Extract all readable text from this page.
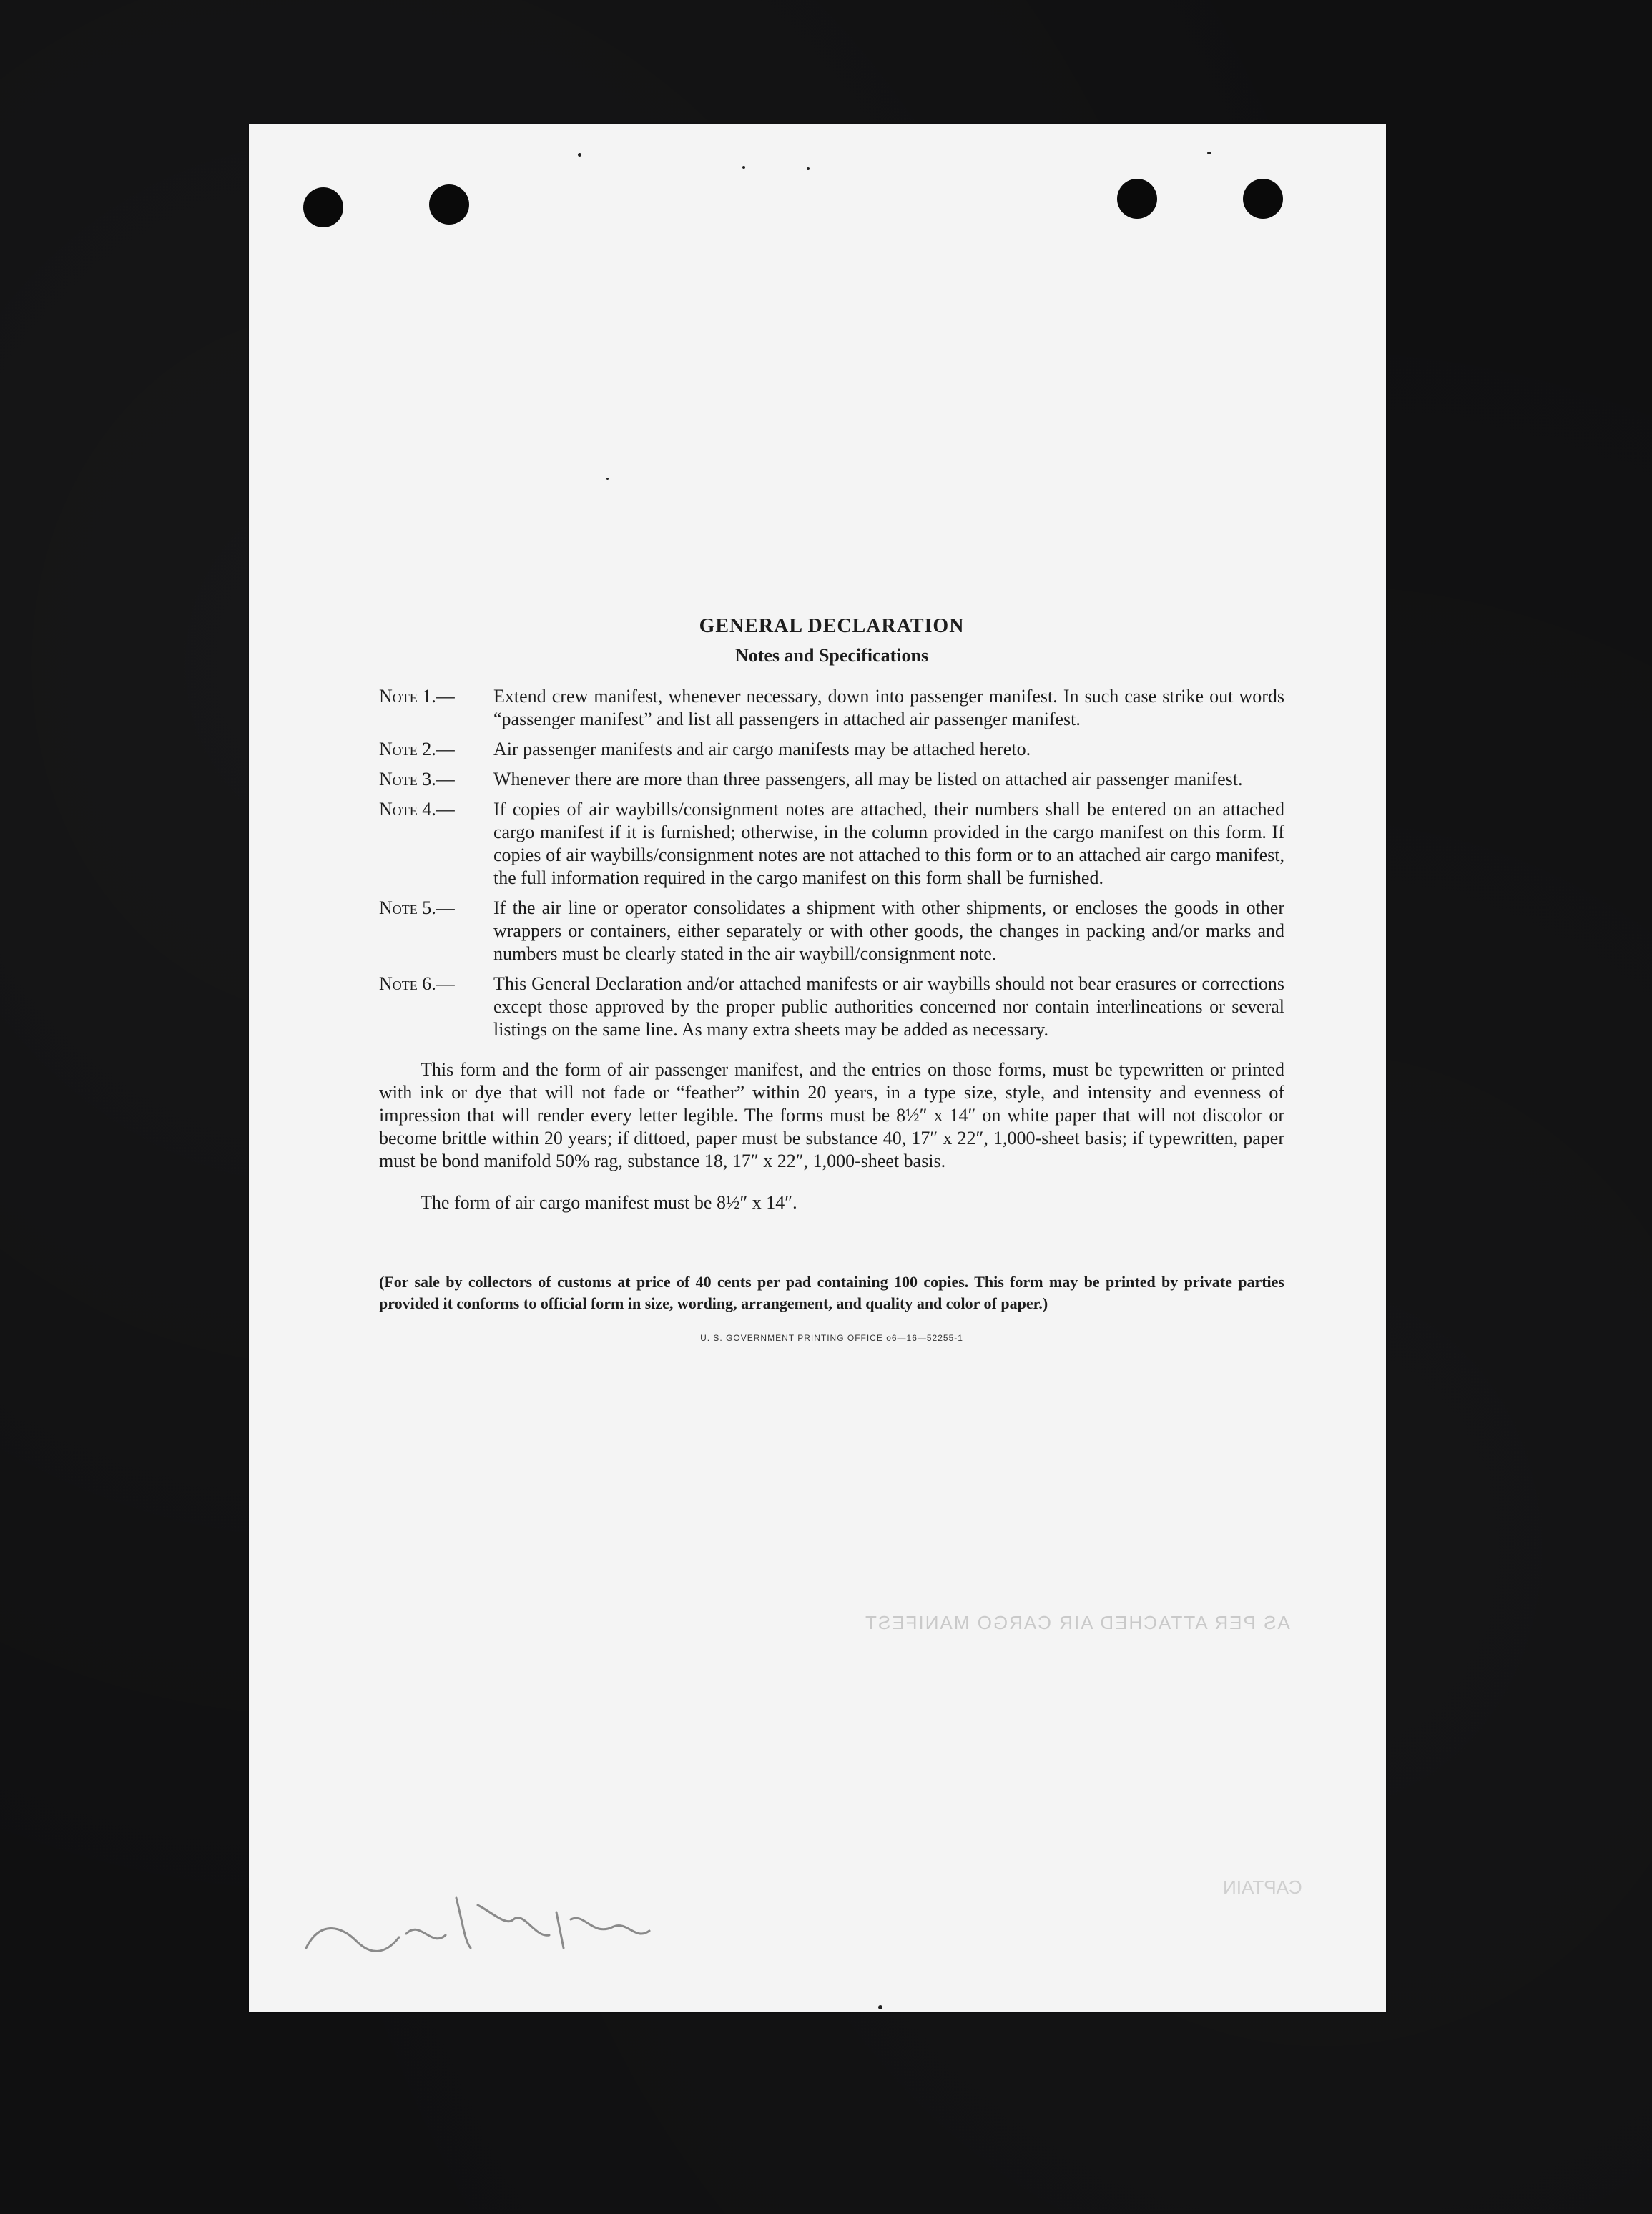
AS PER ATTACHED AIR CARGO MANIFEST
CAPTAIN
GENERAL DECLARATION
Notes and Specifications
Note 1.—	Extend crew manifest, whenever necessary, down into passenger manifest. In such case strike out words “passenger manifest” and list all passengers in attached air passenger manifest.
Note 2.—	Air passenger manifests and air cargo manifests may be attached hereto.
Note 3.—	Whenever there are more than three passengers, all may be listed on attached air passenger manifest.
Note 4.—	If copies of air waybills/consignment notes are attached, their numbers shall be entered on an attached cargo manifest if it is furnished; otherwise, in the column provided in the cargo manifest on this form. If copies of air waybills/consignment notes are not attached to this form or to an attached air cargo manifest, the full information required in the cargo manifest on this form shall be furnished.
Note 5.—	If the air line or operator consolidates a shipment with other shipments, or encloses the goods in other wrappers or containers, either separately or with other goods, the changes in packing and/or marks and numbers must be clearly stated in the air waybill/consignment note.
Note 6.—	This General Declaration and/or attached manifests or air waybills should not bear erasures or corrections except those approved by the proper public authorities concerned nor contain interlineations or several listings on the same line. As many extra sheets may be added as necessary.

This form and the form of air passenger manifest, and the entries on those forms, must be typewritten or printed with ink or dye that will not fade or “feather” within 20 years, in a type size, style, and intensity and evenness of impression that will render every letter legible. The forms must be 8½″ x 14″ on white paper that will not discolor or become brittle within 20 years; if dittoed, paper must be substance 40, 17″ x 22″, 1,000-sheet basis; if typewritten, paper must be bond manifold 50% rag, substance 18, 17″ x 22″, 1,000-sheet basis.

The form of air cargo manifest must be 8½″ x 14″.

(For sale by collectors of customs at price of 40 cents per pad containing 100 copies. This form may be printed by private parties provided it conforms to official form in size, wording, arrangement, and quality and color of paper.)
U. S. GOVERNMENT PRINTING OFFICE o6—16—52255-1
